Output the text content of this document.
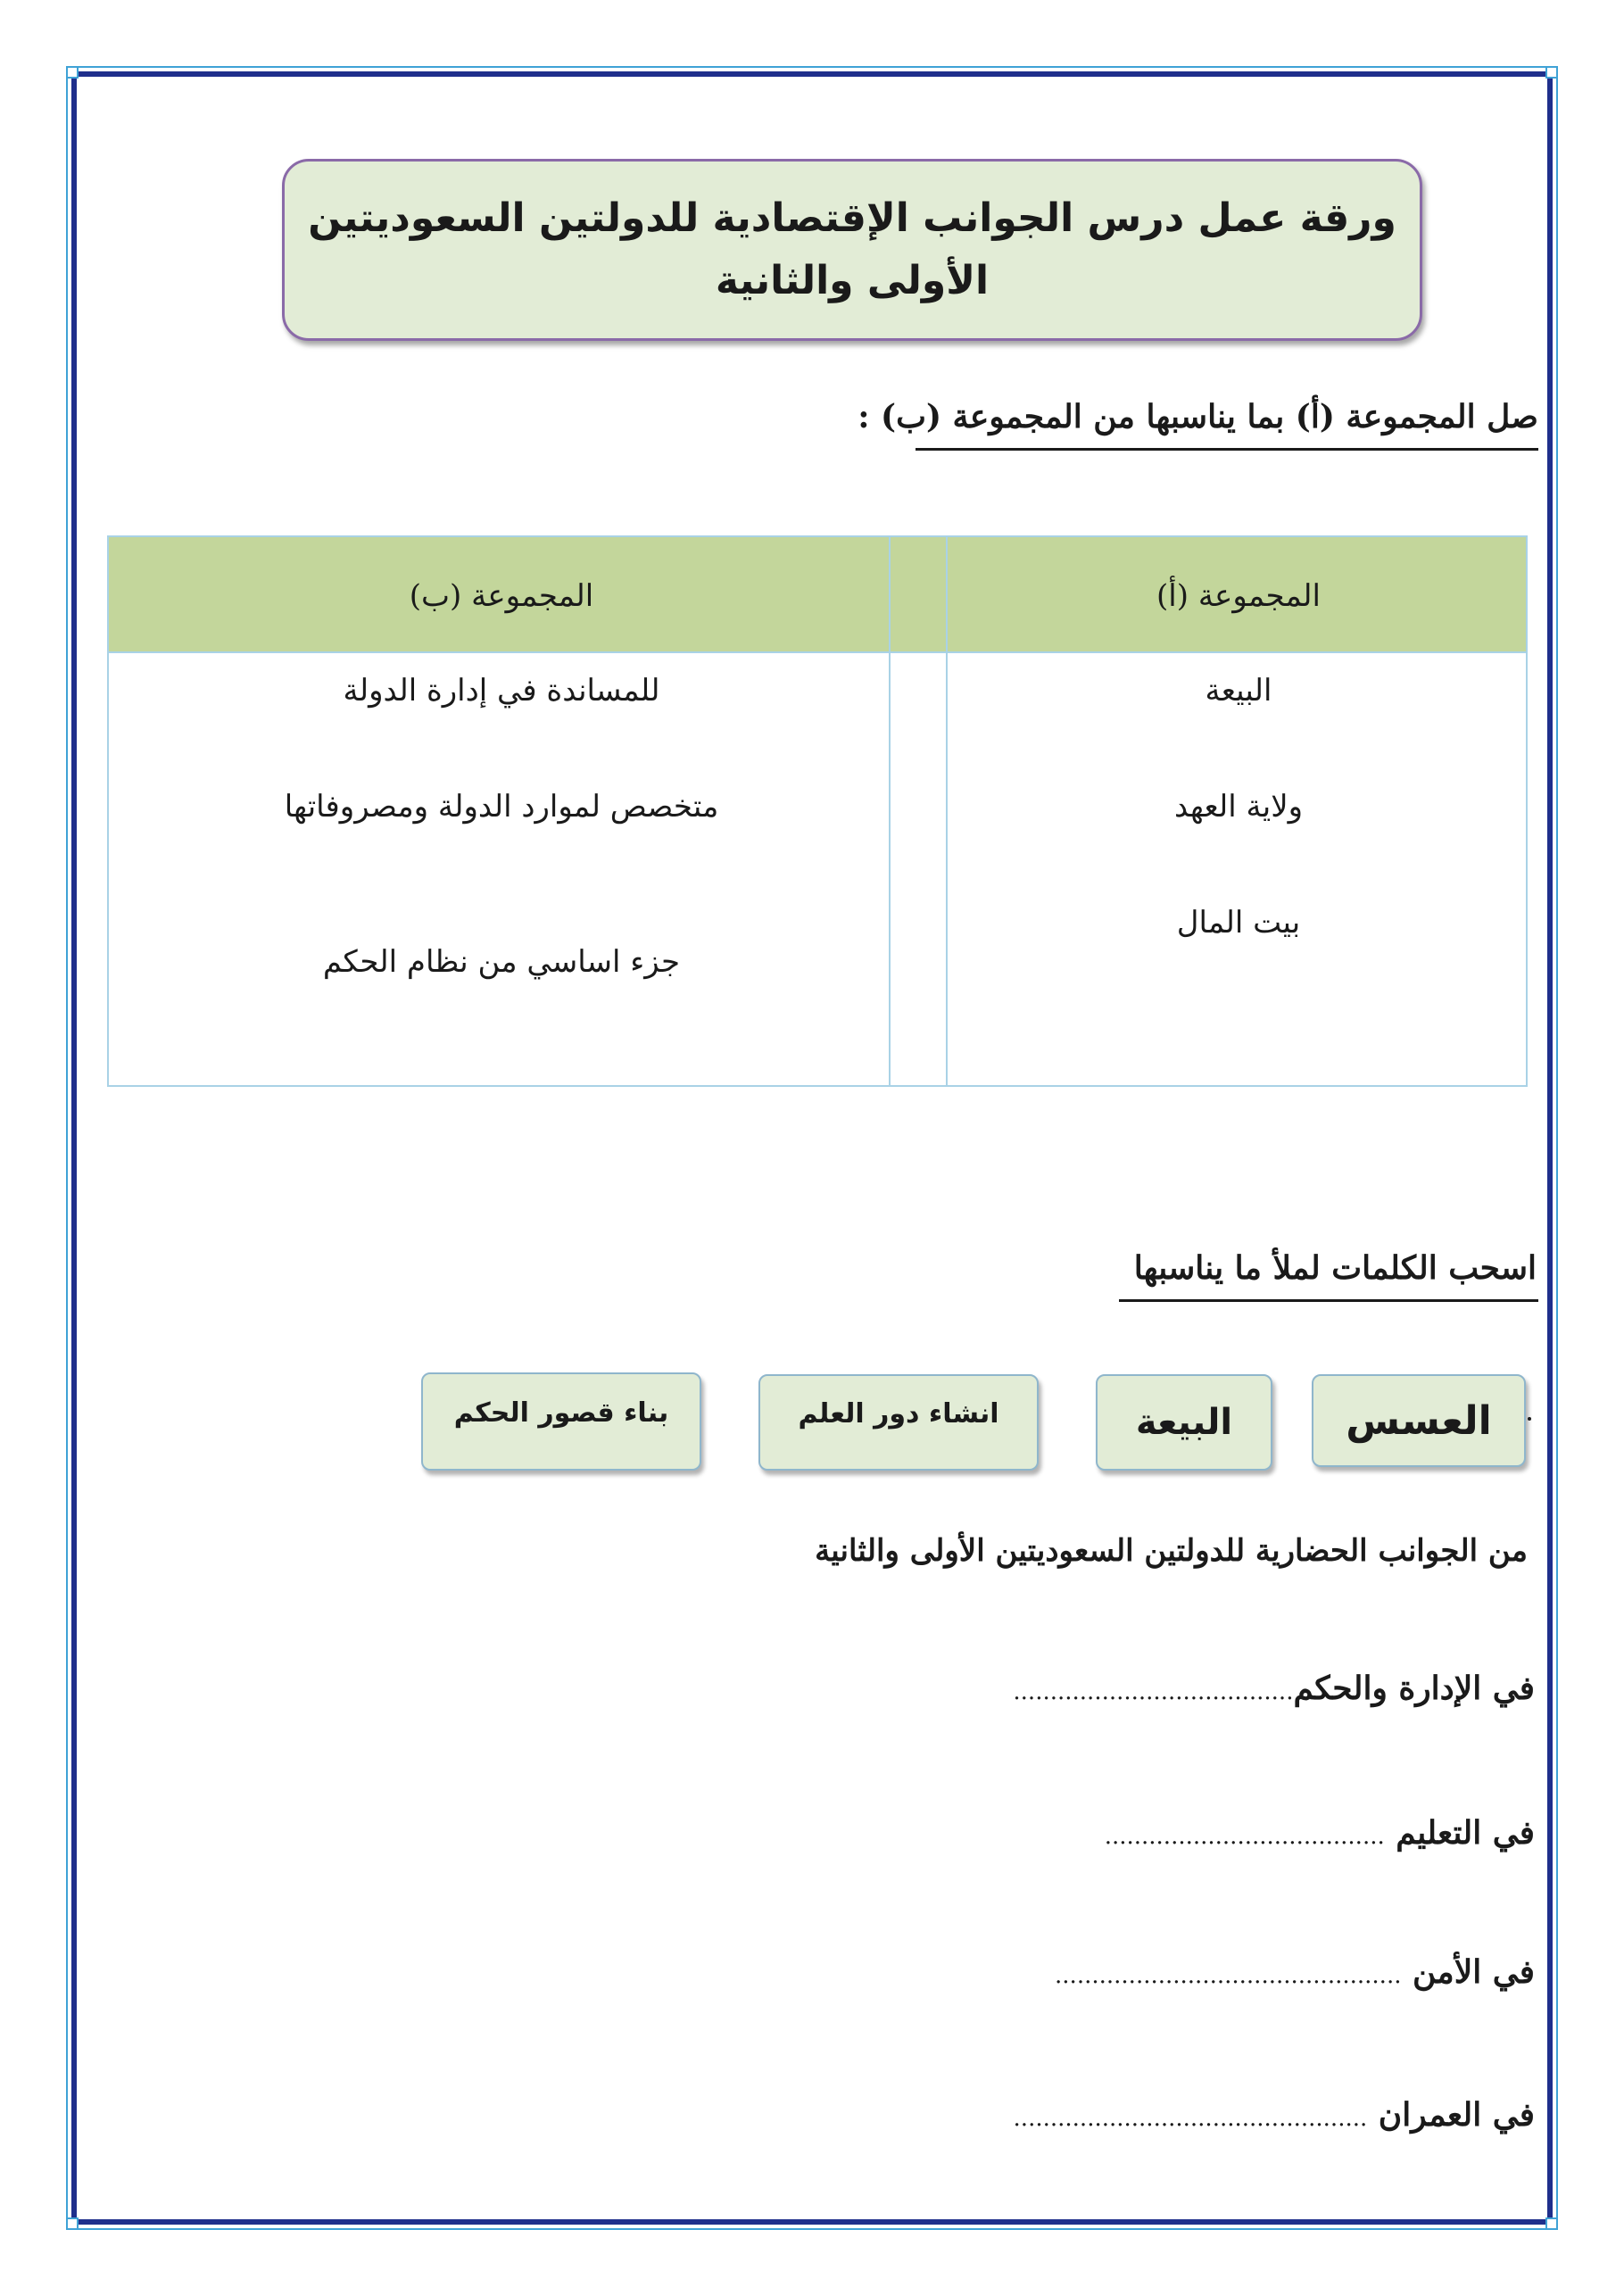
ورقة عمل درس الجوانب الإقتصادية للدولتين السعوديتين
الأولى والثانية
صل المجموعة (أ) بما يناسبها من المجموعة (ب) :
المجموعة (أ)
المجموعة (ب)
البيعة
ولاية العهد
بيت المال
للمساندة في إدارة الدولة
متخصص لموارد الدولة ومصروفاتها
جزء اساسي من نظام الحكم
اسحب الكلمات لملأ ما يناسبها
العسس
البيعة
انشاء دور العلم
بناء قصور الحكم
من الجوانب الحضارية للدولتين السعوديتين الأولى والثانية
في الإدارة والحكم......................................
في التعليم ......................................
في الأمن ...............................................
في العمران ................................................
